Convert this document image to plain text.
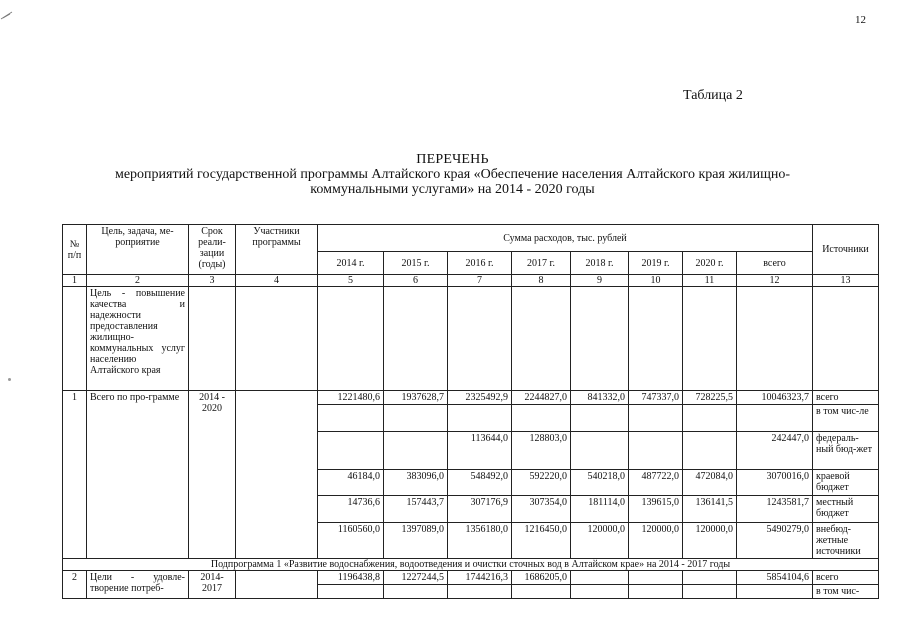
12
Таблица 2
ПЕРЕЧЕНЬ
мероприятий государственной программы Алтайского края «Обеспечение населения Алтайского края жилищно-
коммунальными услугами» на 2014 - 2020 годы
№ п/п	Цель, задача, ме-роприятие	Срок реали-зации (годы)	Участники программы	Сумма расходов, тыс. рублей								Источники
				2014 г.	2015 г.	2016 г.	2017 г.	2018 г.	2019 г.	2020 г.	всего	
1	2	3	4	5	6	7	8	9	10	11	12	13
	Цель - повышение качества и надежности предоставления жилищно-коммунальных услуг населению Алтайского края											
1	Всего по про-грамме	2014 - 2020		1221480,6	1937628,7	2325492,9	2244827,0	841332,0	747337,0	728225,5	10046323,7	всего
												в том чис-ле
						113644,0	128803,0				242447,0	федераль-ный бюд-жет
				46184,0	383096,0	548492,0	592220,0	540218,0	487722,0	472084,0	3070016,0	краевой бюджет
				14736,6	157443,7	307176,9	307354,0	181114,0	139615,0	136141,5	1243581,7	местный бюджет
				1160560,0	1397089,0	1356180,0	1216450,0	120000,0	120000,0	120000,0	5490279,0	внебюд-жетные источники
Подпрограмма 1 «Развитие водоснабжения, водоотведения и очистки сточных вод в Алтайском крае» на 2014 - 2017 годы												
2	Цели - удовле-творение потреб-	2014-2017		1196438,8	1227244,5	1744216,3	1686205,0				5854104,6	всего
												в том чис-
